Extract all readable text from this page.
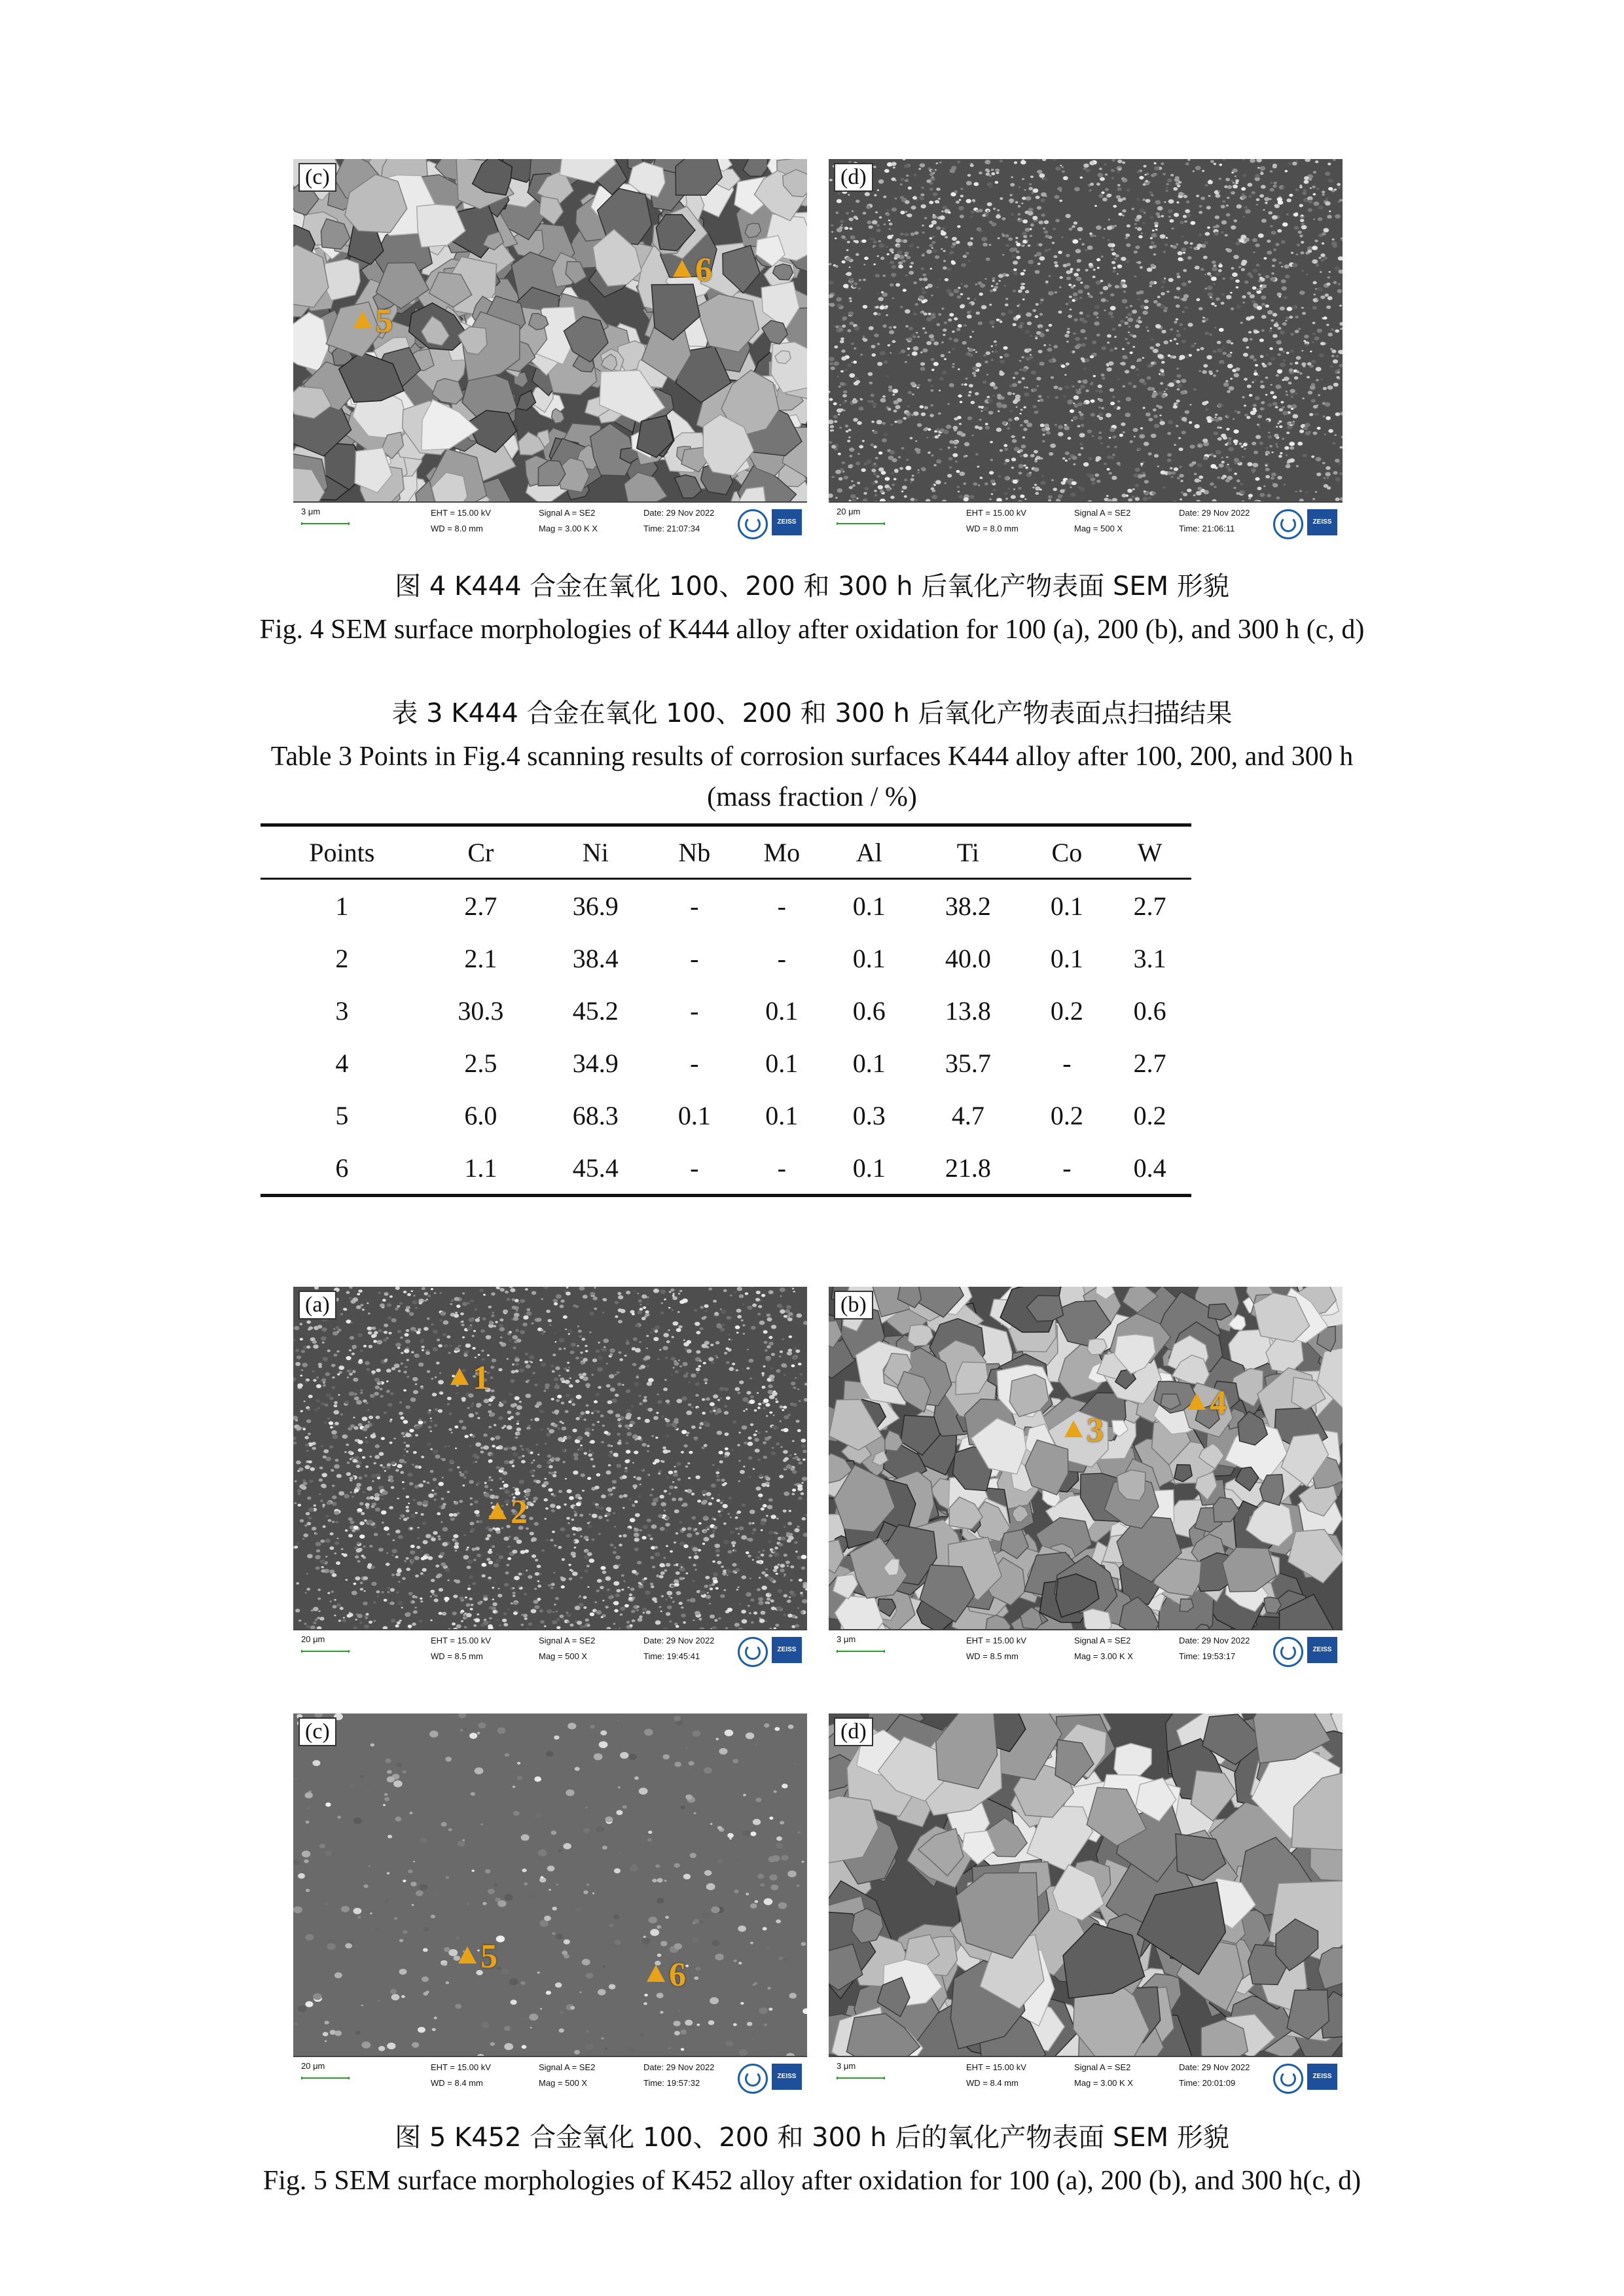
(c)
5
6
3 μm	EHT = 15.00 kV
WD = 8.0 mm
Signal A = SE2
Mag = 3.00 K X
Date: 29 Nov 2022
Time: 21:07:34
ZEISS
(d)
20 μm	EHT = 15.00 kV
WD = 8.0 mm
Signal A = SE2
Mag = 500 X
Date: 29 Nov 2022
Time: 21:06:11
ZEISS
图 4 K444 合金在氧化 100、200 和 300 h 后氧化产物表面 SEM 形貌
Fig. 4 SEM surface morphologies of K444 alloy after oxidation for 100 (a), 200 (b), and 300 h (c, d)
表 3 K444 合金在氧化 100、200 和 300 h 后氧化产物表面点扫描结果
Table 3 Points in Fig.4 scanning results of corrosion surfaces K444 alloy after 100, 200, and 300 h
(mass fraction / %)
Points	Cr	Ni	Nb	Mo	Al	Ti	Co	W
1	2.7	36.9	-	-	0.1	38.2	0.1	2.7
2	2.1	38.4	-	-	0.1	40.0	0.1	3.1
3	30.3	45.2	-	0.1	0.6	13.8	0.2	0.6
4	2.5	34.9	-	0.1	0.1	35.7	-	2.7
5	6.0	68.3	0.1	0.1	0.3	4.7	0.2	0.2
6	1.1	45.4	-	-	0.1	21.8	-	0.4
(a)
1
2
20 μm	EHT = 15.00 kV
WD = 8.5 mm
Signal A = SE2
Mag = 500 X
Date: 29 Nov 2022
Time: 19:45:41
ZEISS
(b)
3
4
3 μm	EHT = 15.00 kV
WD = 8.5 mm
Signal A = SE2
Mag = 3.00 K X
Date: 29 Nov 2022
Time: 19:53:17
ZEISS
(c)
5	6
20 μm	EHT = 15.00 kV
WD = 8.4 mm
Signal A = SE2
Mag = 500 X
Date: 29 Nov 2022
Time: 19:57:32
ZEISS
(d)
3 μm	EHT = 15.00 kV
WD = 8.4 mm
Signal A = SE2
Mag = 3.00 K X
Date: 29 Nov 2022
Time: 20:01:09
ZEISS
图 5 K452 合金氧化 100、200 和 300 h 后的氧化产物表面 SEM 形貌
Fig. 5 SEM surface morphologies of K452 alloy after oxidation for 100 (a), 200 (b), and 300 h(c, d)
